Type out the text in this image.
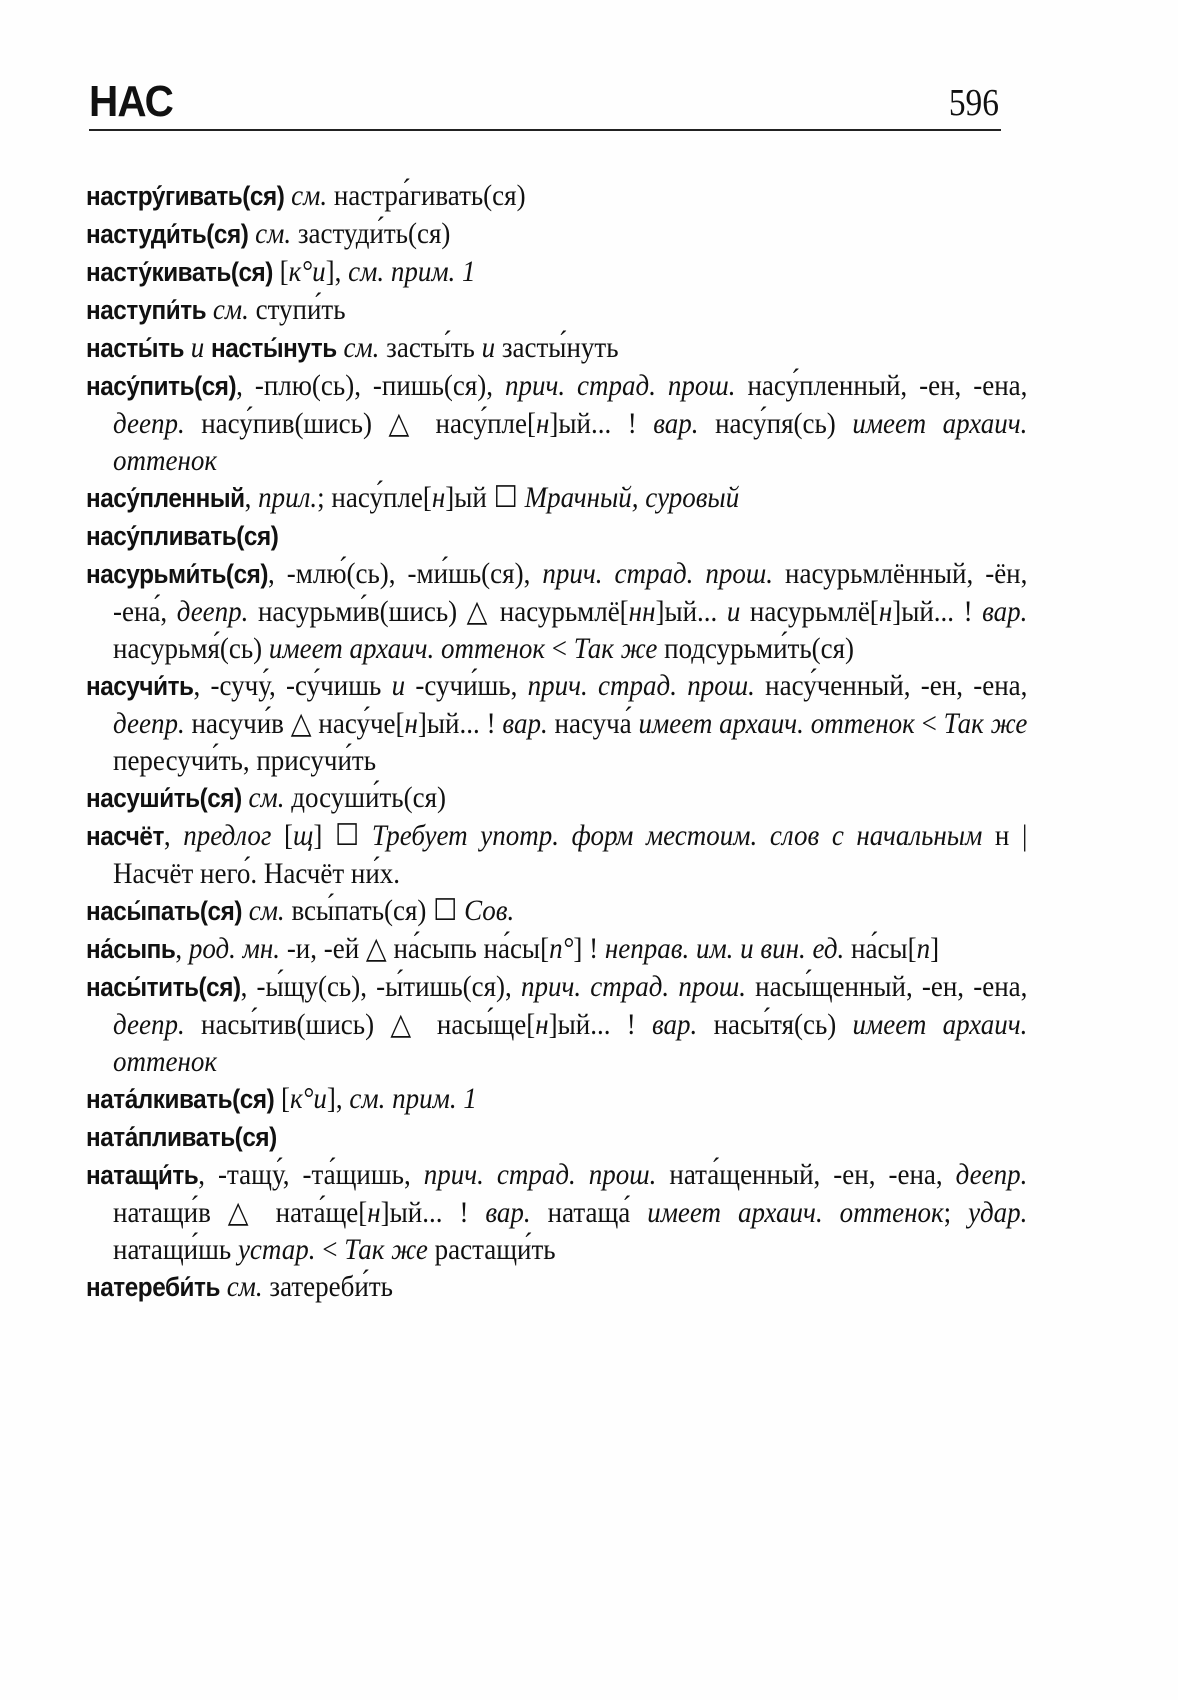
НАС	596
настру́гивать(ся) см. настра́гивать(ся)
настуди́ть(ся) см. застуди́ть(ся)
насту́кивать(ся) [к°и], см. прим. 1
наступи́ть см. ступи́ть
насты́ть и насты́нуть см. засты́ть и засты́нуть
насу́пить(ся), -плю(сь), -пишь(ся), прич. страд. прош. насу́пленный, -ен, -ена, деепр. насу́пив(шись) △ насу́пле[н]ый... ! вар. насу́пя(сь) имеет архаич. оттенок
насу́пленный, прил.; насу́пле[н]ый ☐ Мрачный, суровый
насу́пливать(ся)
насурьми́ть(ся), -млю́(сь), -ми́шь(ся), прич. страд. прош. насурьмлённый, -ён, -ена́, деепр. насурьми́в(шись) △ насурьмлё[нн]ый... и насурьмлё[н]ый... ! вар. насурьмя́(сь) имеет архаич. оттенок < Так же подсурьми́ть(ся)
насучи́ть, -сучу́, -су́чишь и -сучи́шь, прич. страд. прош. насу́ченный, -ен, -ена, деепр. насучи́в △ насу́че[н]ый... ! вар. насуча́ имеет архаич. оттенок < Так же пересучи́ть, присучи́ть
насуши́ть(ся) см. досуши́ть(ся)
насчёт, предлог [щ] ☐ Требует употр. форм местоим. слов с начальным н | Насчёт него́. Насчёт ни́х.
насы́пать(ся) см. всы́пать(ся) ☐ Сов.
на́сыпь, род. мн. -и, -ей △ на́сыпь на́сы[п°] ! неправ. им. и вин. ед. на́сы[п]
насы́тить(ся), -ы́щу(сь), -ы́тишь(ся), прич. страд. прош. насы́щенный, -ен, -ена, деепр. насы́тив(шись) △ насы́ще[н]ый... ! вар. насы́тя(сь) имеет архаич. оттенок
ната́лкивать(ся) [к°и], см. прим. 1
ната́пливать(ся)
натащи́ть, -тащу́, -та́щишь, прич. страд. прош. ната́щенный, -ен, -ена, деепр. натащи́в △ ната́ще[н]ый... ! вар. натаща́ имеет архаич. оттенок; удар. натащи́шь устар. < Так же растащи́ть
натереби́ть см. затереби́ть
